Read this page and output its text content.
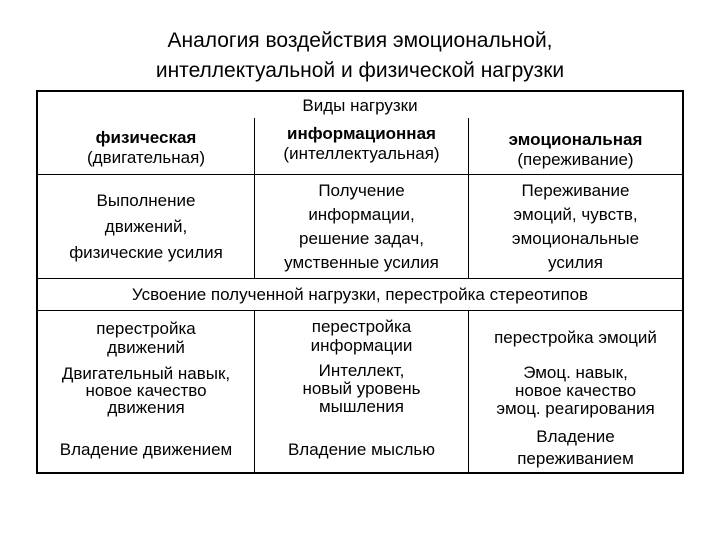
Аналогия воздействия эмоциональной,
интеллектуальной и физической нагрузки
Виды нагрузки
физическая
(двигательная)
информационная
(интеллектуальная)
эмоциональная
(переживание)
Выполнение
движений,
физические усилия
Получение
информации,
решение задач,
умственные усилия
Переживание
эмоций, чувств,
эмоциональные
усилия
Усвоение полученной нагрузки, перестройка стереотипов
перестройка
движений
перестройка
информации	перестройка эмоций
Двигательный навык,
новое качество
движения
Интеллект,
новый уровень
мышления
Эмоц. навык,
новое качество
эмоц. реагирования
Владение движением	Владение мыслью
Владение
переживанием
